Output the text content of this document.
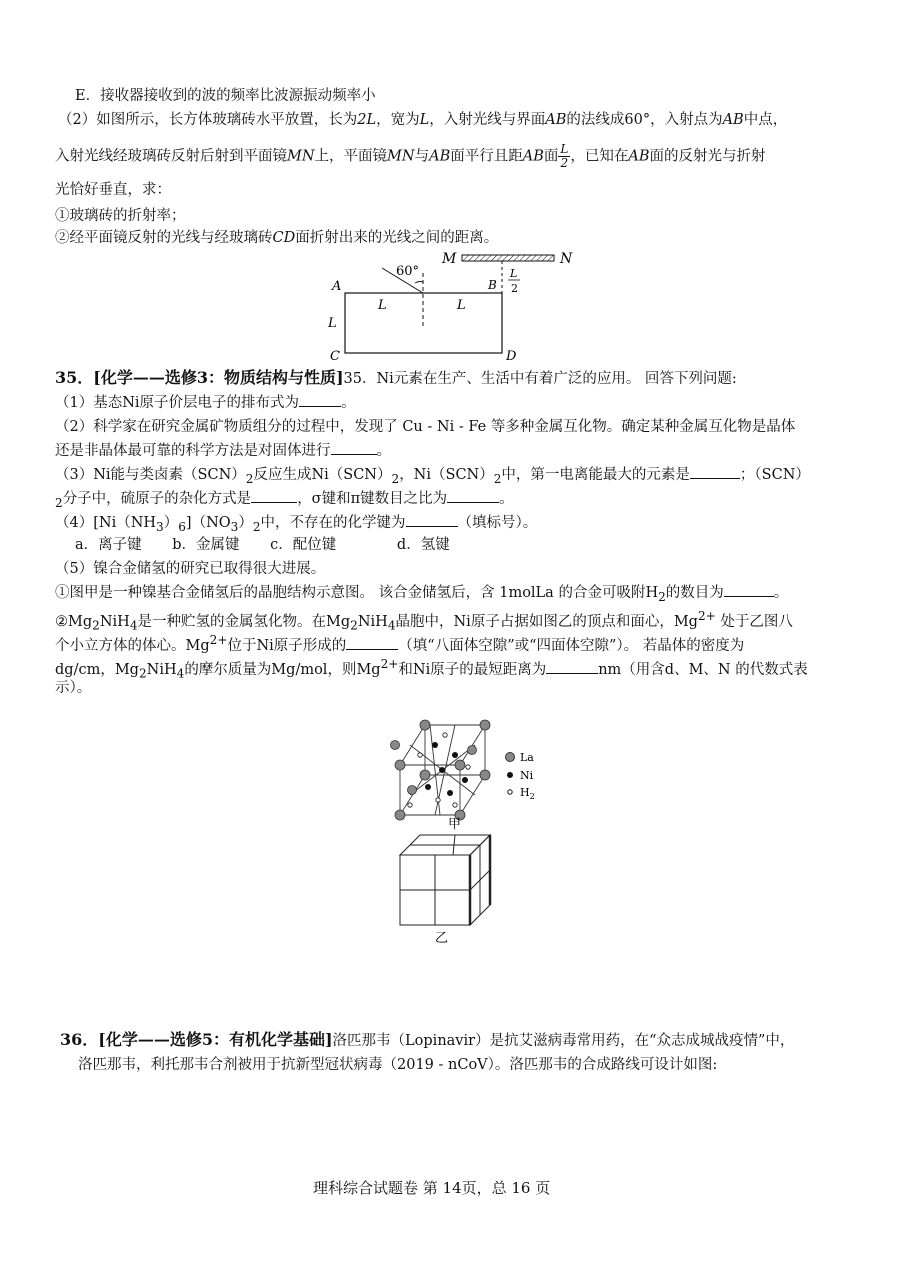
E．接收器接收到的波的频率比波源振动频率小
（2）如图所示，长方体玻璃砖水平放置，长为2L，宽为L，入射光线与界面AB的法线成60°，入射点为AB中点，
入射光线经玻璃砖反射后射到平面镜MN上，平面镜MN与AB面平行且距AB面 $\frac{L}{2}$ ，已知在AB面的反射光与折射
光恰好垂直，求：
①玻璃砖的折射率；
②经平面镜反射的光线与经玻璃砖CD面折射出来的光线之间的距离。
M	N
A	B
C	D
60°
L	L
L
L
2
35．[化学——选修3：物质结构与性质]35．Ni元素在生产、生活中有着广泛的应用。 回答下列问题:
（1）基态Ni原子价层电子的排布式为	。
（2）科学家在研究金属矿物质组分的过程中，发现了 Cu - Ni - Fe 等多种金属互化物。确定某种金属互化物是晶体
还是非晶体最可靠的科学方法是对固体进行	。
（3）Ni能与类卤素$(SCN)_2$反应生成$Ni(SCN)_2$，$Ni(SCN)_2$中，第一电离能最大的元素是	；（SCN）
$_2$分子中，硫原子的杂化方式是	，σ键和π键数目之比为	。
$(4)[Ni(NH_3)_6](NO_3)_2$中，不存在的化学键为	（填标号）。
a．离子键 b．金属键 c．配位键	d．氢键
（5）镍合金储氢的研究已取得很大进展。
①图甲是一种镍基合金储氢后的晶胞结构示意图。 该合金储氢后，含 1molLa 的合金可吸附$H_2$的数目为	。
$②Mg_2NiH_4$是一种贮氢的金属氢化物。在$Mg_2NiH_4$晶胞中，Ni原子占据如图乙的顶点和面心，$Mg^{2+}$ 处于乙图八
个小立方体的体心。$Mg^{2+}$位于Ni原子形成的	（填“八面体空隙”或“四面体空隙”）。 若晶体的密度为
dg/cm，$Mg_2NiH_4$的摩尔质量为Mg/mol，则$Mg^{2+}$和Ni原子的最短距离为	nm（用含d、M、N 的代数式表
示）。
La
Ni
$H_2$
甲
乙
36．[化学——选修5：有机化学基础]洛匹那韦（Lopinavir）是抗艾滋病毒常用药，在“众志成城战疫情”中，
洛匹那韦，利托那韦合剂被用于抗新型冠状病毒（2019 - nCoV）。洛匹那韦的合成路线可设计如图:
理科综合试题卷 第 14页，总 16 页
